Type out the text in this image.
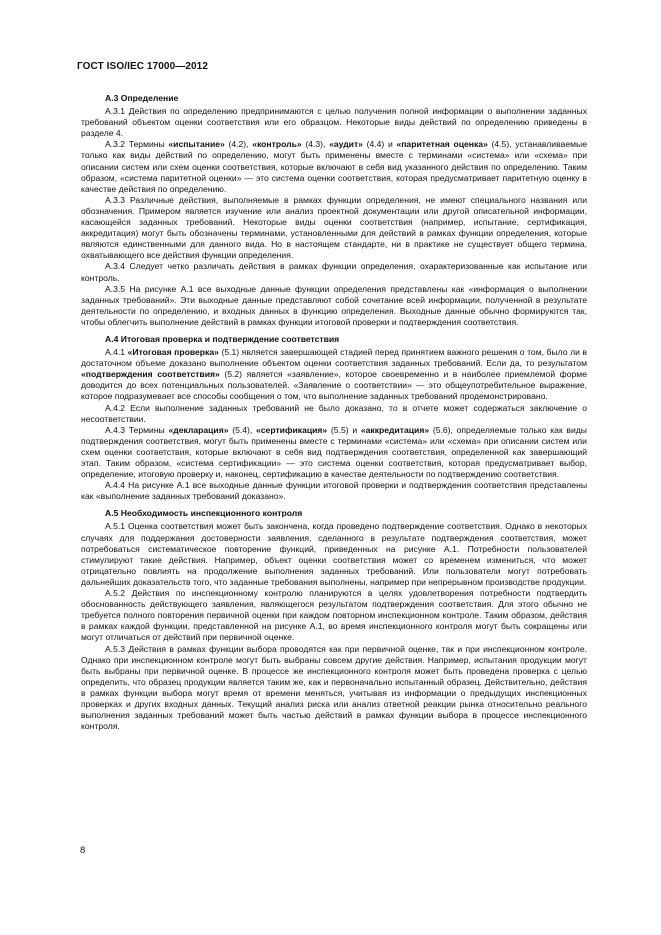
ГОСТ ISO/IEC 17000—2012
А.3 Определение

А.3.1 Действия по определению предпринимаются с целью получения полной информации о выполнении заданных требований объектом оценки соответствия или его образцом. Некоторые виды действий по определению приведены в разделе 4.

А.3.2 Термины «испытание» (4.2), «контроль» (4.3), «аудит» (4.4) и «паритетная оценка» (4.5), устанавливаемые только как виды действий по определению, могут быть применены вместе с терминами «система» или «схема» при описании систем или схем оценки соответствия, которые включают в себя вид указанного действия по определению. Таким образом, «система паритетной оценки» — это система оценки соответствия, которая предусматривает паритетную оценку в качестве действия по определению.

А.3.3 Различные действия, выполняемые в рамках функции определения, не имеют специального названия или обозначения. Примером является изучение или анализ проектной документации или другой описательной информации, касающейся заданных требований. Некоторые виды оценки соответствия (например, испытание, сертификация, аккредитация) могут быть обозначены терминами, установленными для действий в рамках функции определения, которые являются единственными для данного вида. Но в настоящем стандарте, ни в практике не существует общего термина, охватывающего все действия функции определения.

А.3.4 Следует четко различать действия в рамках функции определения, охарактеризованные как испытание или контроль.

А.3.5 На рисунке А.1 все выходные данные функции определения представлены как «информация о выполнении заданных требований». Эти выходные данные представляют собой сочетание всей информации, полученной в результате деятельности по определению, и входных данных в функцию определения. Выходные данные обычно формируются так, чтобы облегчить выполнение действий в рамках функции итоговой проверки и подтверждения соответствия.

А.4 Итоговая проверка и подтверждение соответствия

А.4.1 «Итоговая проверка» (5.1) является завершающей стадией перед принятием важного решения о том, было ли в достаточном объеме доказано выполнение объектом оценки соответствия заданных требований. Если да, то результатом «подтверждения соответствия» (5.2) является «заявление», которое своевременно и в наиболее приемлемой форме доводится до всех потенциальных пользователей. «Заявление о соответствии» — это общеупотребительное выражение, которое подразумевает все способы сообщения о том, что выполнение заданных требований продемонстрировано.

А.4.2 Если выполнение заданных требований не было доказано, то в отчете может содержаться заключение о несоответствии.

А.4.3 Термины «декларация» (5.4), «сертификация» (5.5) и «аккредитация» (5.6), определяемые только как виды подтверждения соответствия, могут быть применены вместе с терминами «система» или «схема» при описании систем или схем оценки соответствия, которые включают в себя вид подтверждения соответствия, определенной как завершающий этап. Таким образом, «система сертификации» — это система оценки соответствия, которая предусматривает выбор, определение, итоговую проверку и, наконец, сертификацию в качестве деятельности по подтверждению соответствия.

А.4.4 На рисунке А.1 все выходные данные функции итоговой проверки и подтверждения соответствия представлены как «выполнение заданных требований доказано».

А.5 Необходимость инспекционного контроля

А.5.1 Оценка соответствия может быть закончена, когда проведено подтверждение соответствия. Однако в некоторых случаях для поддержания достоверности заявления, сделанного в результате подтверждения соответствия, может потребоваться систематическое повторение функций, приведенных на рисунке А.1. Потребности пользователей стимулируют такие действия. Например, объект оценки соответствия может со временем измениться, что может отрицательно повлиять на продолжение выполнения заданных требований. Или пользователи могут потребовать дальнейших доказательств того, что заданные требования выполнены, например при непрерывном производстве продукции.

А.5.2 Действия по инспекционному контролю планируются в целях удовлетворения потребности подтвердить обоснованность действующего заявления, являющегося результатом подтверждения соответствия. Для этого обычно не требуется полного повторения первичной оценки при каждом повторном инспекционном контроле. Таким образом, действия в рамках каждой функции, представленной на рисунке А.1, во время инспекционного контроля могут быть сокращены или могут отличаться от действий при первичной оценке.

А.5.3 Действия в рамках функции выбора проводятся как при первичной оценке, так и при инспекционном контроле. Однако при инспекционном контроле могут быть выбраны совсем другие действия. Например, испытания продукции могут быть выбраны при первичной оценке. В процессе же инспекционного контроля может быть проведена проверка с целью определить, что образец продукции является таким же, как и первоначально испытанный образец. Действительно, действия в рамках функции выбора могут время от времени меняться, учитывая из информации о предыдущих инспекционных проверках и других входных данных. Текущий анализ риска или анализ ответной реакции рынка относительно реального выполнения заданных требований может быть частью действий в рамках функции выбора в процессе инспекционного контроля.

8
